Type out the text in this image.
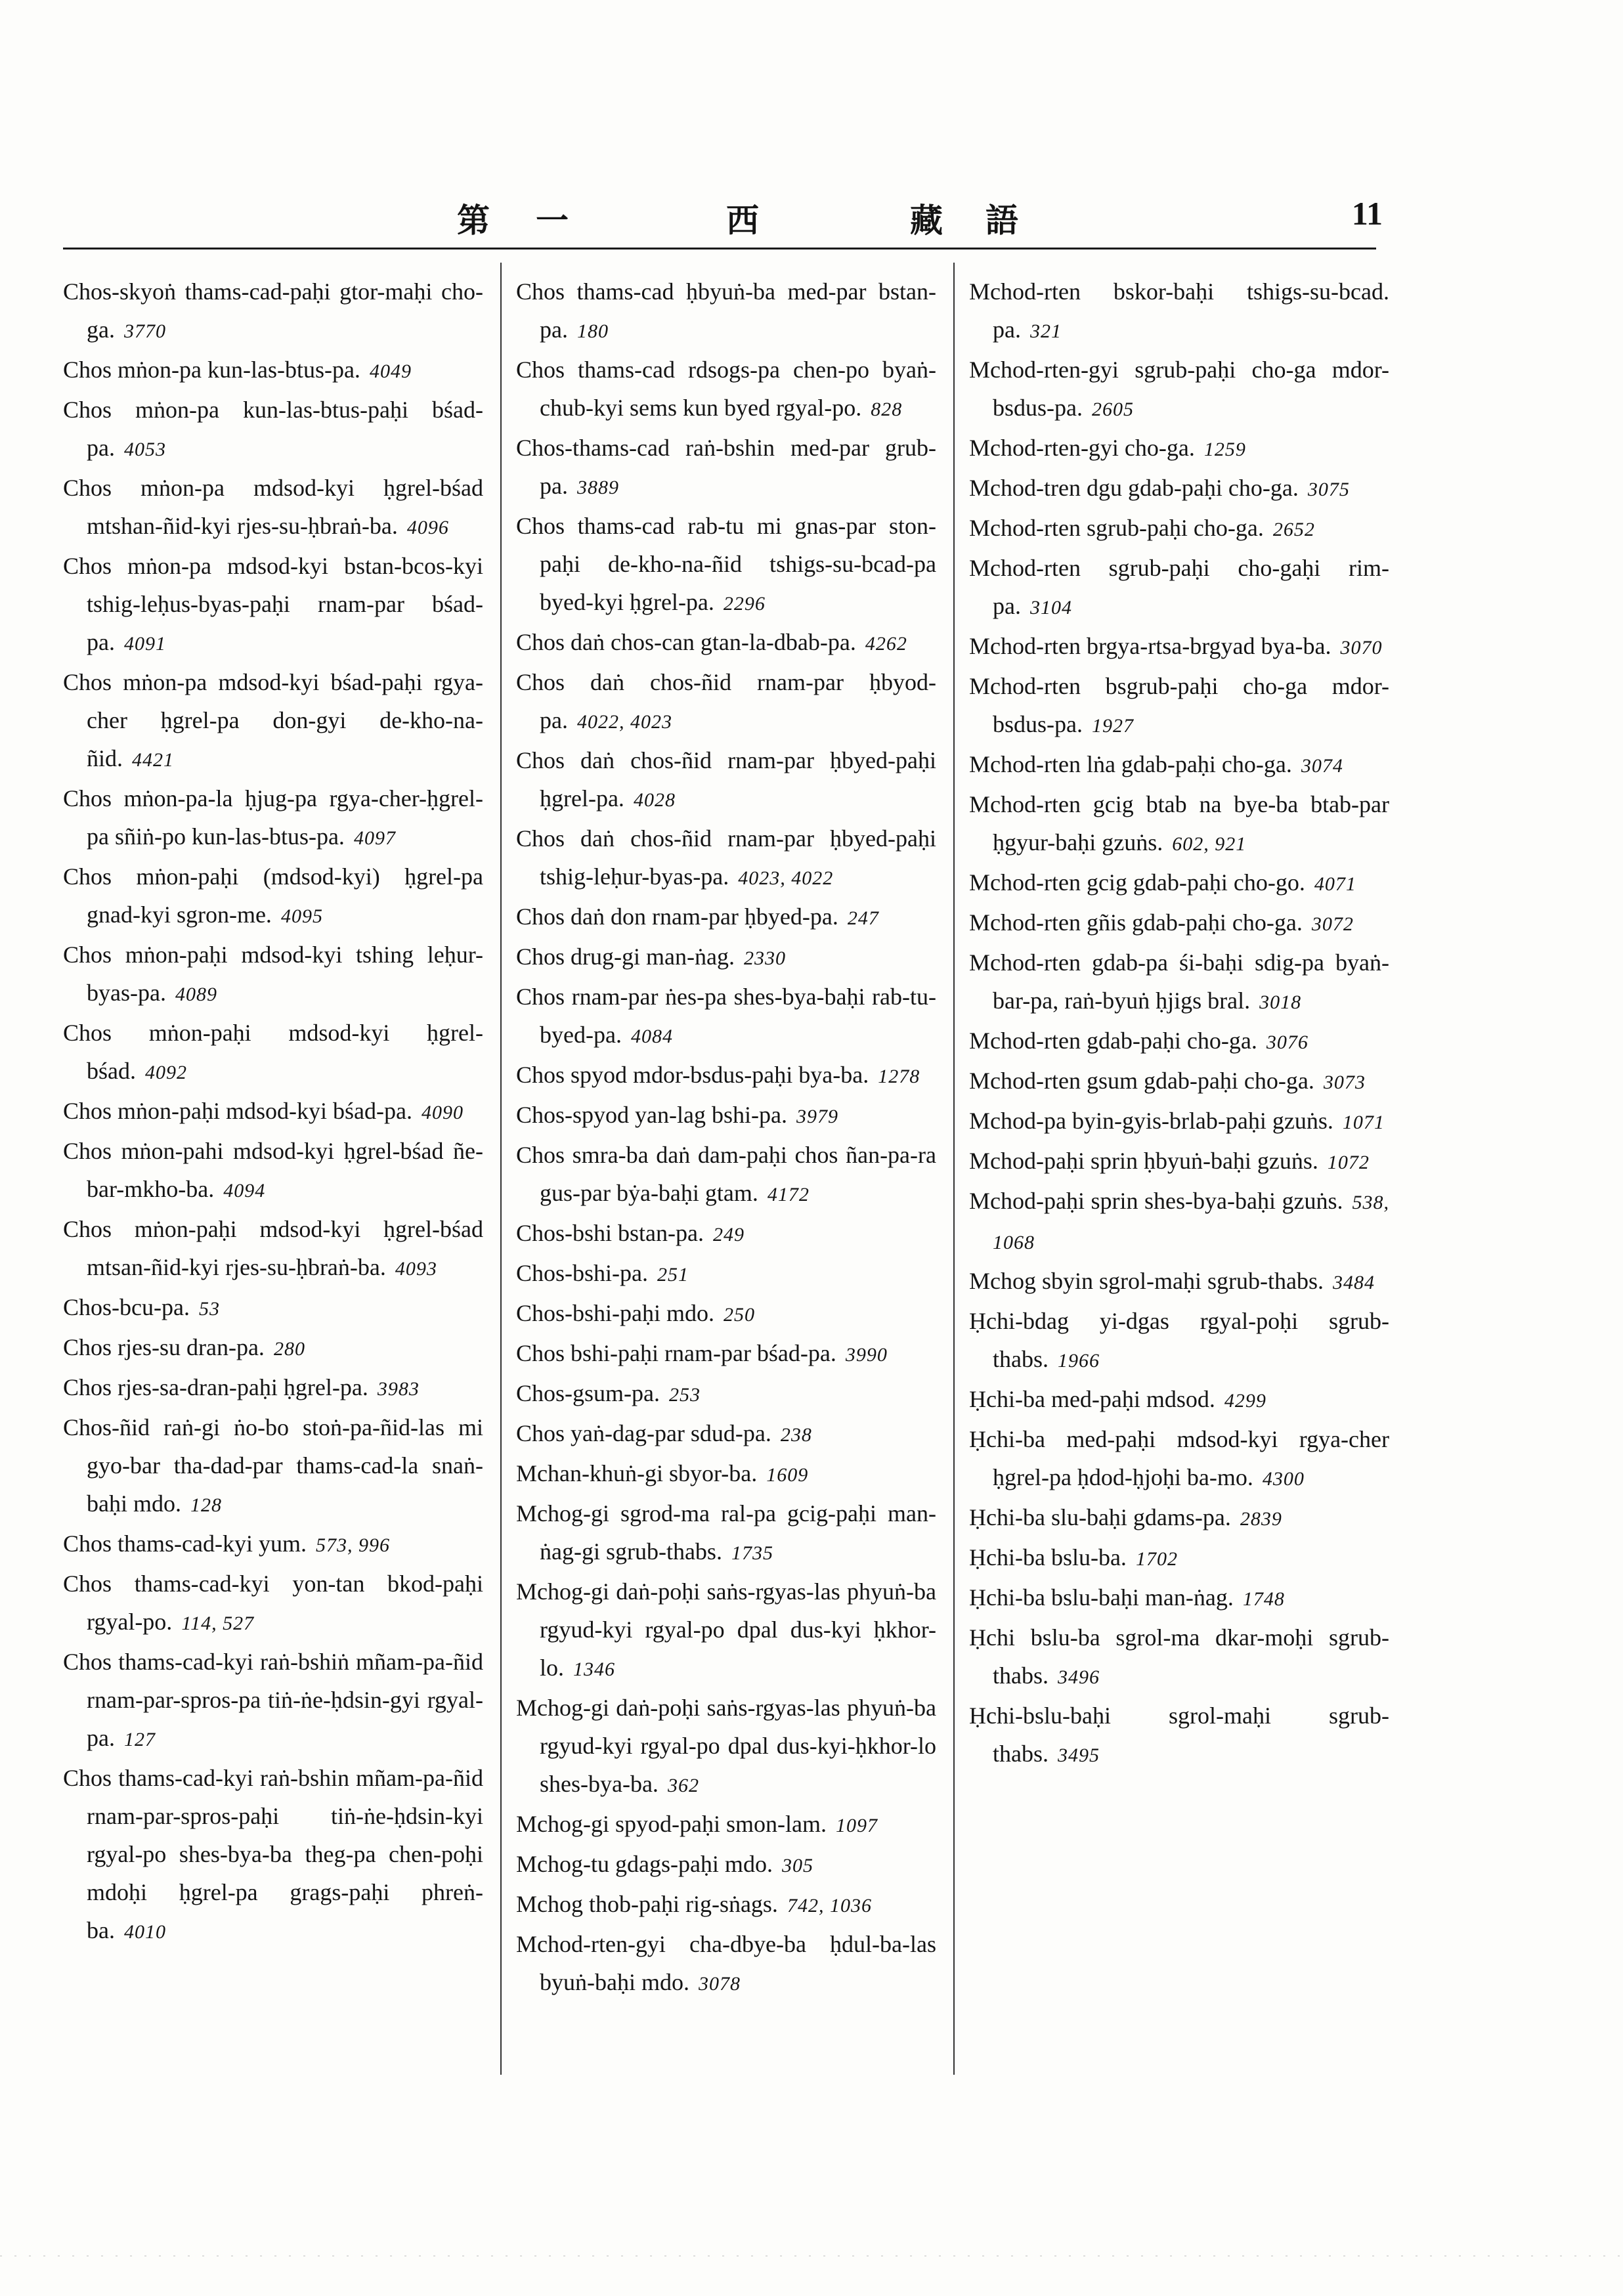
第 一	西	藏 語	11

Chos-skyoṅ thams-cad-paḥi gtor-maḥi cho-ga. 3770

Chos mṅon-pa kun-las-btus-pa. 4049

Chos mṅon-pa kun-las-btus-paḥi bśad-pa. 4053

Chos mṅon-pa mdsod-kyi ḥgrel-bśad mtshan-ñid-kyi rjes-su-ḥbraṅ-ba. 4096

Chos mṅon-pa mdsod-kyi bstan-bcos-kyi tshig-leḥus-byas-paḥi rnam-par bśad-pa. 4091

Chos mṅon-pa mdsod-kyi bśad-paḥi rgya-cher ḥgrel-pa don-gyi de-kho-na-ñid. 4421

Chos mṅon-pa-la ḥjug-pa rgya-cher-ḥgrel-pa sñiṅ-po kun-las-btus-pa. 4097

Chos mṅon-paḥi (mdsod-kyi) ḥgrel-pa gnad-kyi sgron-me. 4095

Chos mṅon-paḥi mdsod-kyi tshing leḥur-byas-pa. 4089

Chos mṅon-paḥi mdsod-kyi ḥgrel-bśad. 4092

Chos mṅon-paḥi mdsod-kyi bśad-pa. 4090

Chos mṅon-pahi mdsod-kyi ḥgrel-bśad ñe-bar-mkho-ba. 4094

Chos mṅon-paḥi mdsod-kyi ḥgrel-bśad mtsan-ñid-kyi rjes-su-ḥbraṅ-ba. 4093

Chos-bcu-pa. 53

Chos rjes-su dran-pa. 280

Chos rjes-sa-dran-paḥi ḥgrel-pa. 3983

Chos-ñid raṅ-gi ṅo-bo stoṅ-pa-ñid-las mi gyo-bar tha-dad-par thams-cad-la snaṅ-baḥi mdo. 128

Chos thams-cad-kyi yum. 573, 996

Chos thams-cad-kyi yon-tan bkod-paḥi rgyal-po. 114, 527

Chos thams-cad-kyi raṅ-bshiṅ mñam-pa-ñid rnam-par-spros-pa tiṅ-ṅe-ḥdsin-gyi rgyal-pa. 127

Chos thams-cad-kyi raṅ-bshin mñam-pa-ñid rnam-par-spros-paḥi tiṅ-ṅe-ḥdsin-kyi rgyal-po shes-bya-ba theg-pa chen-poḥi mdoḥi ḥgrel-pa grags-paḥi phreṅ-ba. 4010

Chos thams-cad ḥbyuṅ-ba med-par bstan-pa. 180

Chos thams-cad rdsogs-pa chen-po byaṅ-chub-kyi sems kun byed rgyal-po. 828

Chos-thams-cad raṅ-bshin med-par grub-pa. 3889

Chos thams-cad rab-tu mi gnas-par ston-paḥi de-kho-na-ñid tshigs-su-bcad-pa byed-kyi ḥgrel-pa. 2296

Chos daṅ chos-can gtan-la-dbab-pa. 4262

Chos daṅ chos-ñid rnam-par ḥbyod-pa. 4022, 4023

Chos daṅ chos-ñid rnam-par ḥbyed-paḥi ḥgrel-pa. 4028

Chos daṅ chos-ñid rnam-par ḥbyed-paḥi tshig-leḥur-byas-pa. 4023, 4022

Chos daṅ don rnam-par ḥbyed-pa. 247

Chos drug-gi man-ṅag. 2330

Chos rnam-par ṅes-pa shes-bya-baḥi rab-tu-byed-pa. 4084

Chos spyod mdor-bsdus-paḥi bya-ba. 1278

Chos-spyod yan-lag bshi-pa. 3979

Chos smra-ba daṅ dam-paḥi chos ñan-pa-ra gus-par bẏa-baḥi gtam. 4172

Chos-bshi bstan-pa. 249

Chos-bshi-pa. 251

Chos-bshi-paḥi mdo. 250

Chos bshi-paḥi rnam-par bśad-pa. 3990

Chos-gsum-pa. 253

Chos yaṅ-dag-par sdud-pa. 238

Mchan-khuṅ-gi sbyor-ba. 1609

Mchog-gi sgrod-ma ral-pa gcig-paḥi man-ṅag-gi sgrub-thabs. 1735

Mchog-gi daṅ-poḥi saṅs-rgyas-las phyuṅ-ba rgyud-kyi rgyal-po dpal dus-kyi ḥkhor-lo. 1346

Mchog-gi daṅ-poḥi saṅs-rgyas-las phyuṅ-ba rgyud-kyi rgyal-po dpal dus-kyi-ḥkhor-lo shes-bya-ba. 362

Mchog-gi spyod-paḥi smon-lam. 1097

Mchog-tu gdags-paḥi mdo. 305

Mchog thob-paḥi rig-sṅags. 742, 1036

Mchod-rten-gyi cha-dbye-ba ḥdul-ba-las byuṅ-baḥi mdo. 3078

Mchod-rten bskor-baḥi tshigs-su-bcad. pa. 321

Mchod-rten-gyi sgrub-paḥi cho-ga mdor-bsdus-pa. 2605

Mchod-rten-gyi cho-ga. 1259

Mchod-tren dgu gdab-paḥi cho-ga. 3075

Mchod-rten sgrub-paḥi cho-ga. 2652

Mchod-rten sgrub-paḥi cho-gaḥi rim-pa. 3104

Mchod-rten brgya-rtsa-brgyad bya-ba. 3070

Mchod-rten bsgrub-paḥi cho-ga mdor-bsdus-pa. 1927

Mchod-rten lṅa gdab-paḥi cho-ga. 3074

Mchod-rten gcig btab na bye-ba btab-par ḥgyur-baḥi gzuṅs. 602, 921

Mchod-rten gcig gdab-paḥi cho-go. 4071

Mchod-rten gñis gdab-paḥi cho-ga. 3072

Mchod-rten gdab-pa śi-baḥi sdig-pa byaṅ-bar-pa, raṅ-byuṅ ḥjigs bral. 3018

Mchod-rten gdab-paḥi cho-ga. 3076

Mchod-rten gsum gdab-paḥi cho-ga. 3073

Mchod-pa byin-gyis-brlab-paḥi gzuṅs. 1071

Mchod-paḥi sprin ḥbyuṅ-baḥi gzuṅs. 1072

Mchod-paḥi sprin shes-bya-baḥi gzuṅs. 538, 1068

Mchog sbyin sgrol-maḥi sgrub-thabs. 3484

Ḥchi-bdag yi-dgas rgyal-poḥi sgrub-thabs. 1966

Ḥchi-ba med-paḥi mdsod. 4299

Ḥchi-ba med-paḥi mdsod-kyi rgya-cher ḥgrel-pa ḥdod-ḥjoḥi ba-mo. 4300

Ḥchi-ba slu-baḥi gdams-pa. 2839

Ḥchi-ba bslu-ba. 1702

Ḥchi-ba bslu-baḥi man-ṅag. 1748

Ḥchi bslu-ba sgrol-ma dkar-moḥi sgrub-thabs. 3496

Ḥchi-bslu-baḥi sgrol-maḥi sgrub-thabs. 3495
